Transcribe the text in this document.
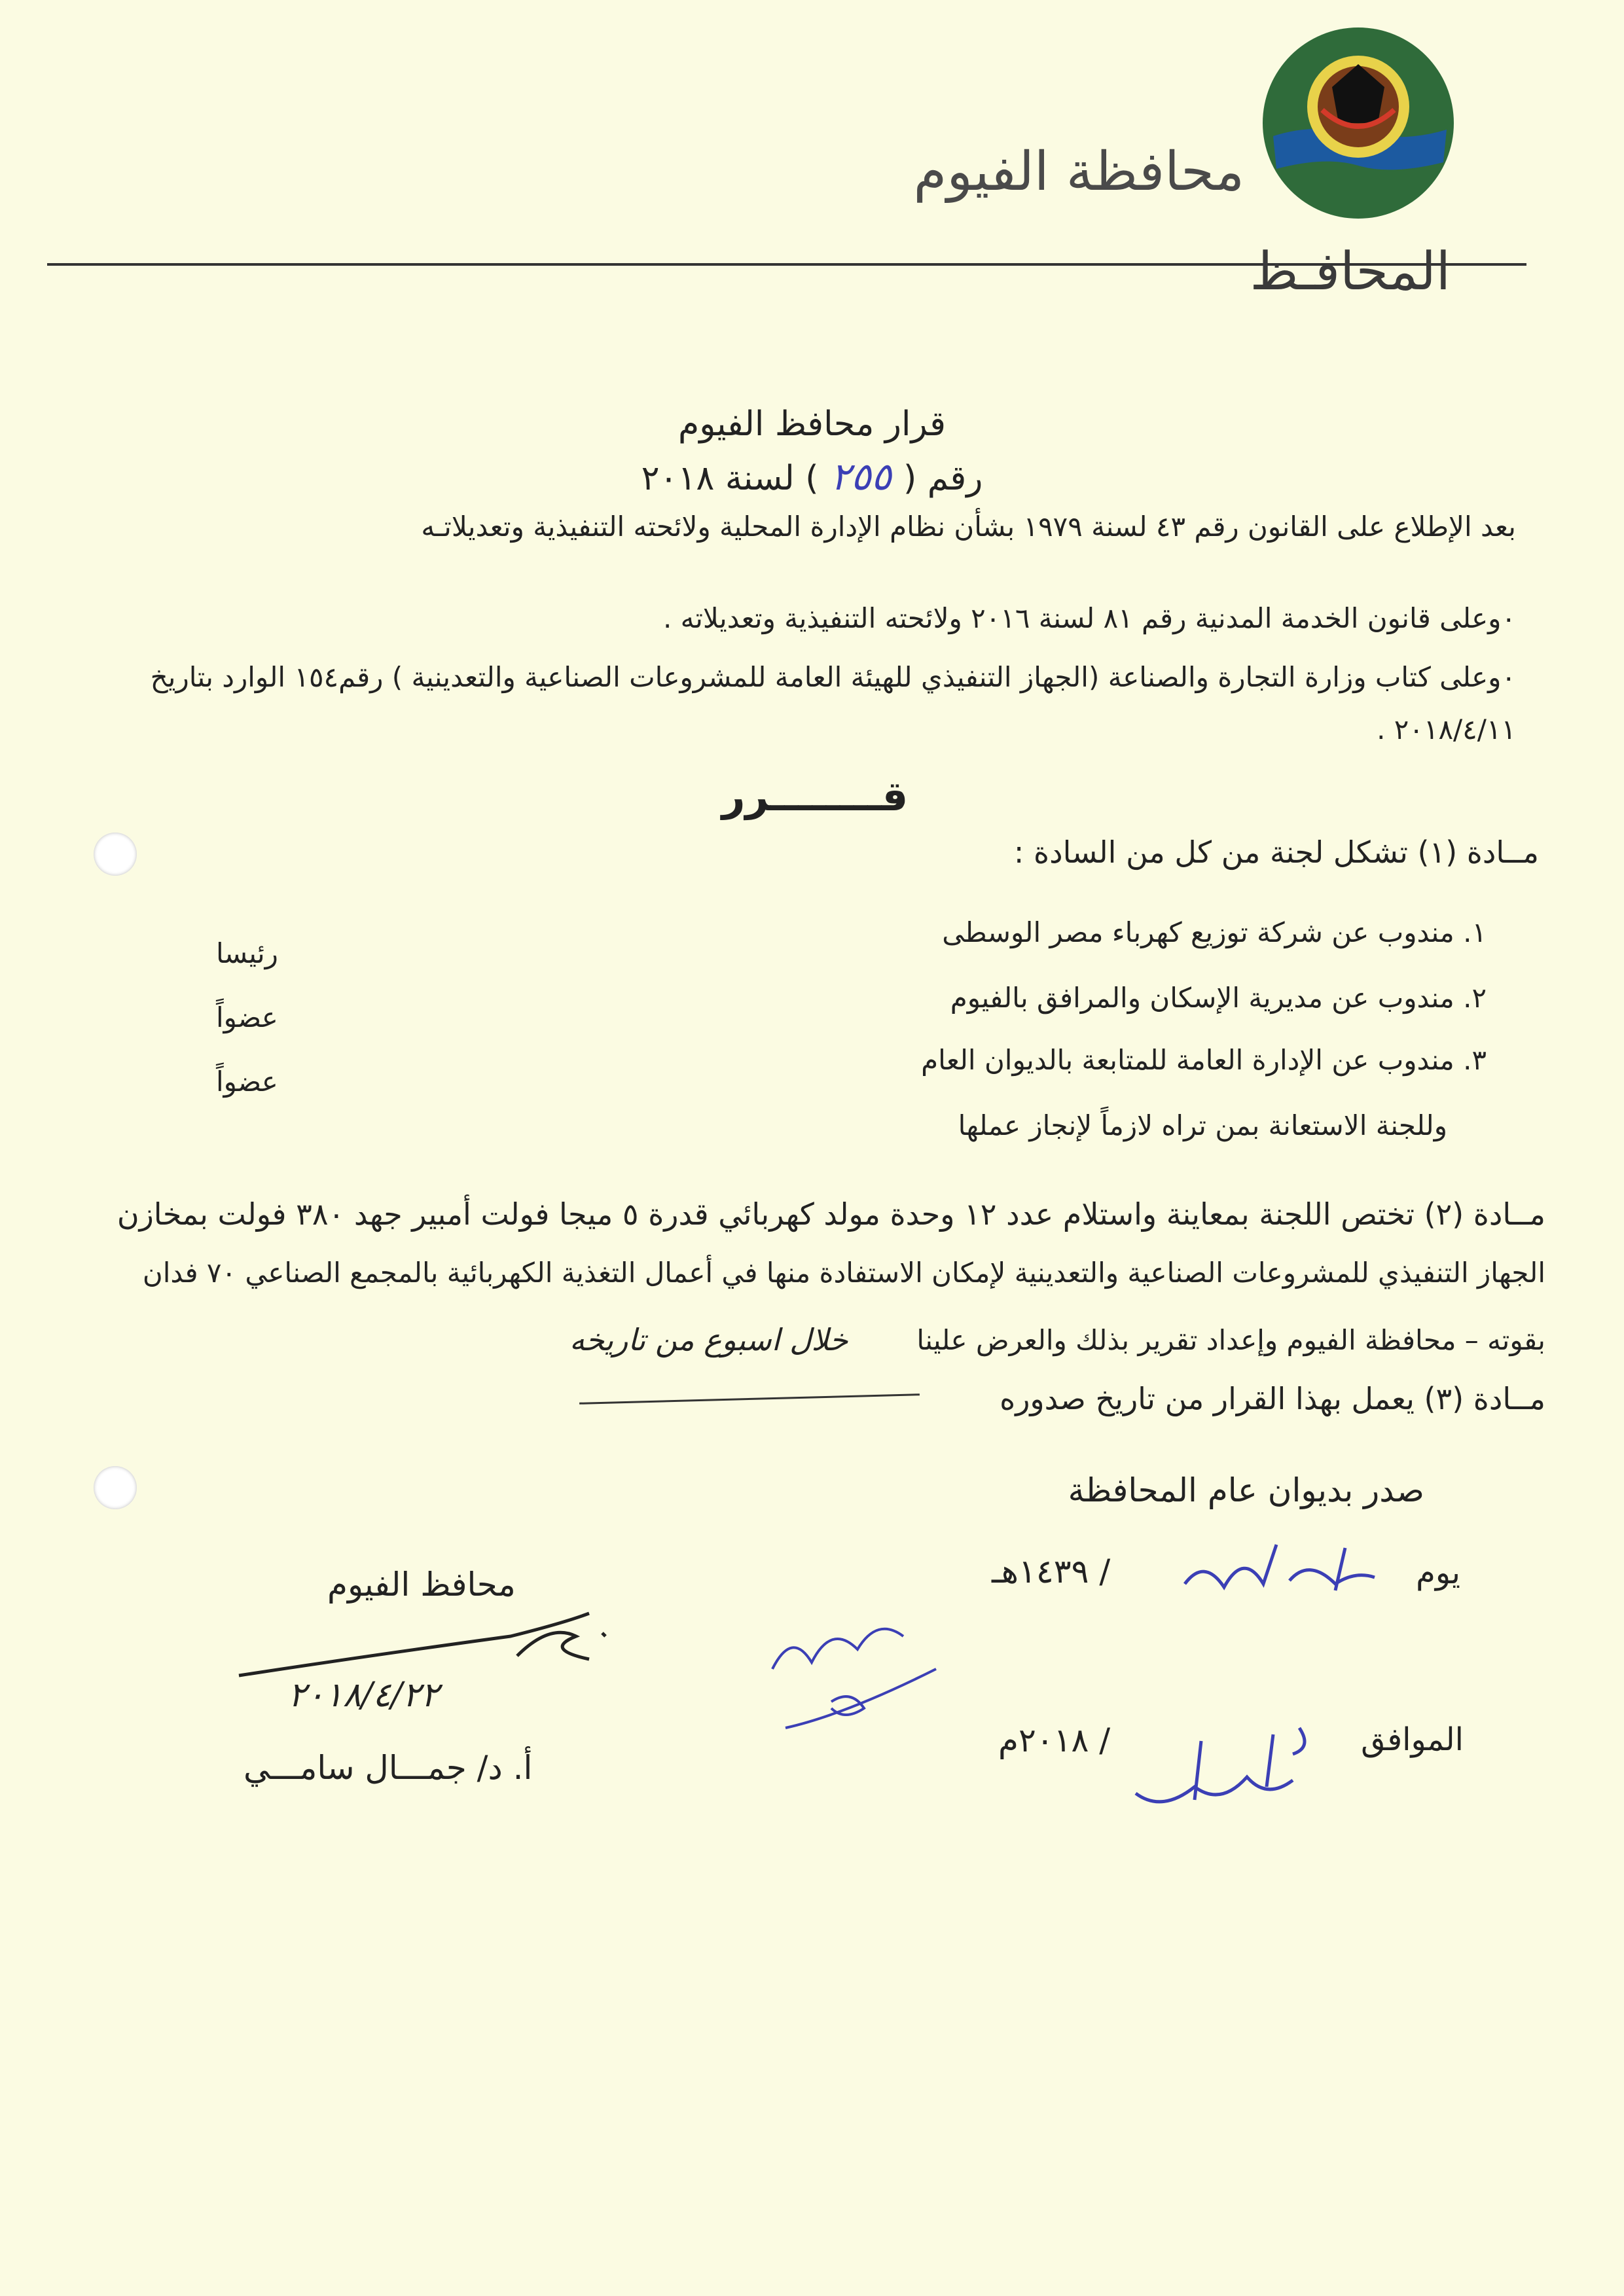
محافظة الفيوم
المحافـظ
قرار محافظ الفيوم
رقم (٢٥٥) لسنة ٢٠١٨
بعد الإطلاع على القانون رقم ٤٣ لسنة ١٩٧٩ بشأن نظام الإدارة المحلية ولائحته التنفيذية وتعديلاتـه
٠وعلى قانون الخدمة المدنية رقم ٨١ لسنة ٢٠١٦ ولائحته التنفيذية وتعديلاته .
٠وعلى كتاب وزارة التجارة والصناعة (الجهاز التنفيذي للهيئة العامة للمشروعات الصناعية والتعدينية ) رقم١٥٤ الوارد بتاريخ
٢٠١٨/٤/١١ .
قــــــــرر
مــادة (١) تشكل لجنة من كل من السادة :
١. مندوب عن شركة توزيع كهرباء مصر الوسطى
٢. مندوب عن مديرية الإسكان والمرافق بالفيوم
٣. مندوب عن الإدارة العامة للمتابعة بالديوان العام
وللجنة الاستعانة بمن تراه لازماً لإنجاز عملها
رئيسا
عضواً
عضواً
مــادة (٢) تختص اللجنة بمعاينة واستلام عدد ١٢ وحدة مولد كهربائي قدرة ٥ ميجا فولت أمبير جهد ٣٨٠ فولت بمخازن
الجهاز التنفيذي للمشروعات الصناعية والتعدينية لإمكان الاستفادة منها في أعمال التغذية الكهربائية بالمجمع الصناعي ٧٠ فدان
بقوته – محافظة الفيوم وإعداد تقرير بذلك والعرض علينا
خلال اسبوع من تاريخه
مــادة (٣) يعمل بهذا القرار من تاريخ صدوره
صدر بديوان عام المحافظة
يوم
/ ١٤٣٩هـ
الموافق
/ ٢٠١٨م
محافظ الفيوم
٢٠١٨/٤/٢٢
أ. د/ جمـــال سامـــي
